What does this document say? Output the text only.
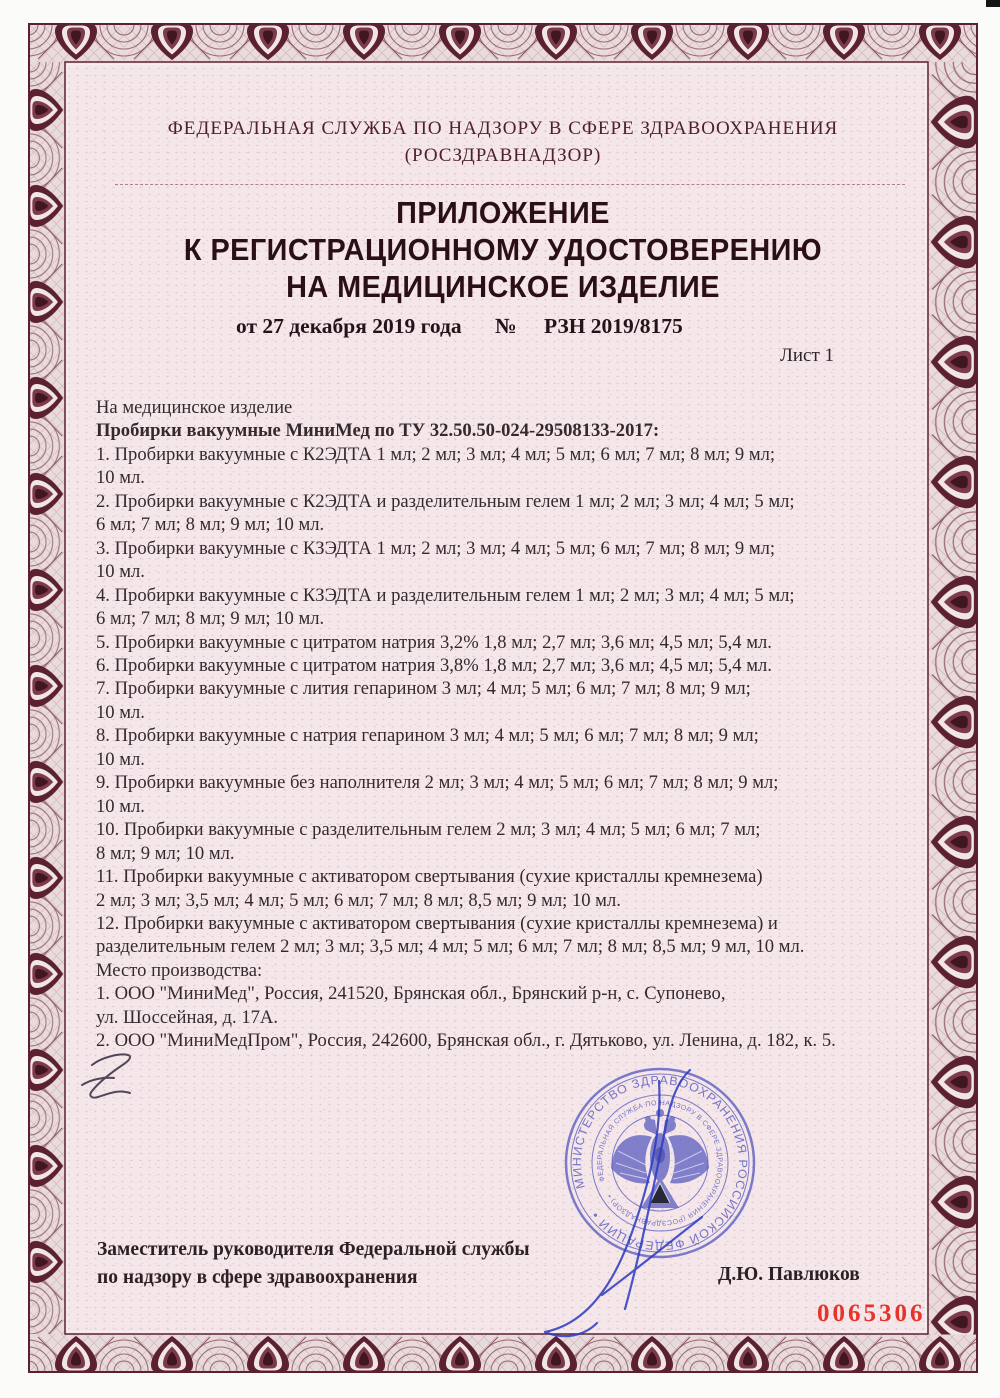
ФЕДЕРАЛЬНАЯ СЛУЖБА ПО НАДЗОРУ В СФЕРЕ ЗДРАВООХРАНЕНИЯ
(РОСЗДРАВНАДЗОР)
ПРИЛОЖЕНИЕ
К РЕГИСТРАЦИОННОМУ УДОСТОВЕРЕНИЮ
НА МЕДИЦИНСКОЕ ИЗДЕЛИЕ
от 27 декабря 2019 года № РЗН 2019/8175
Лист 1
На медицинское изделие
Пробирки вакуумные МиниМед по ТУ 32.50.50-024-29508133-2017:
1. Пробирки вакуумные с К2ЭДТА 1 мл; 2 мл; 3 мл; 4 мл; 5 мл; 6 мл; 7 мл; 8 мл; 9 мл;
10 мл.
2. Пробирки вакуумные с К2ЭДТА и разделительным гелем 1 мл; 2 мл; 3 мл; 4 мл; 5 мл;
6 мл; 7 мл; 8 мл; 9 мл; 10 мл.
3. Пробирки вакуумные с КЗЭДТА 1 мл; 2 мл; 3 мл; 4 мл; 5 мл; 6 мл; 7 мл; 8 мл; 9 мл;
10 мл.
4. Пробирки вакуумные с КЗЭДТА и разделительным гелем 1 мл; 2 мл; 3 мл; 4 мл; 5 мл;
6 мл; 7 мл; 8 мл; 9 мл; 10 мл.
5. Пробирки вакуумные с цитратом натрия 3,2% 1,8 мл; 2,7 мл; 3,6 мл; 4,5 мл; 5,4 мл.
6. Пробирки вакуумные с цитратом натрия 3,8% 1,8 мл; 2,7 мл; 3,6 мл; 4,5 мл; 5,4 мл.
7. Пробирки вакуумные с лития гепарином 3 мл; 4 мл; 5 мл; 6 мл; 7 мл; 8 мл; 9 мл;
10 мл.
8. Пробирки вакуумные с натрия гепарином 3 мл; 4 мл; 5 мл; 6 мл; 7 мл; 8 мл; 9 мл;
10 мл.
9. Пробирки вакуумные без наполнителя 2 мл; 3 мл; 4 мл; 5 мл; 6 мл; 7 мл; 8 мл; 9 мл;
10 мл.
10. Пробирки вакуумные с разделительным гелем 2 мл; 3 мл; 4 мл; 5 мл; 6 мл; 7 мл;
8 мл; 9 мл; 10 мл.
11. Пробирки вакуумные с активатором свертывания (сухие кристаллы кремнезема)
2 мл; 3 мл; 3,5 мл; 4 мл; 5 мл; 6 мл; 7 мл; 8 мл; 8,5 мл; 9 мл; 10 мл.
12. Пробирки вакуумные с активатором свертывания (сухие кристаллы кремнезема) и
разделительным гелем 2 мл; 3 мл; 3,5 мл; 4 мл; 5 мл; 6 мл; 7 мл; 8 мл; 8,5 мл; 9 мл, 10 мл.
Место производства:
1. ООО "МиниМед", Россия, 241520, Брянская обл., Брянский р-н, с. Супонево,
ул. Шоссейная, д. 17А.
2. ООО "МиниМедПром", Россия, 242600, Брянская обл., г. Дятьково, ул. Ленина, д. 182, к. 5.
МИНИСТЕРСТВО ЗДРАВООХРАНЕНИЯ РОССИЙСКОЙ ФЕДЕРАЦИИ •
ФЕДЕРАЛЬНАЯ СЛУЖБА ПО НАДЗОРУ В СФЕРЕ ЗДРАВООХРАНЕНИЯ (РОСЗДРАВНАДЗОР) •
Заместитель руководителя Федеральной службы
по надзору в сфере здравоохранения	Д.Ю. Павлюков
0065306
